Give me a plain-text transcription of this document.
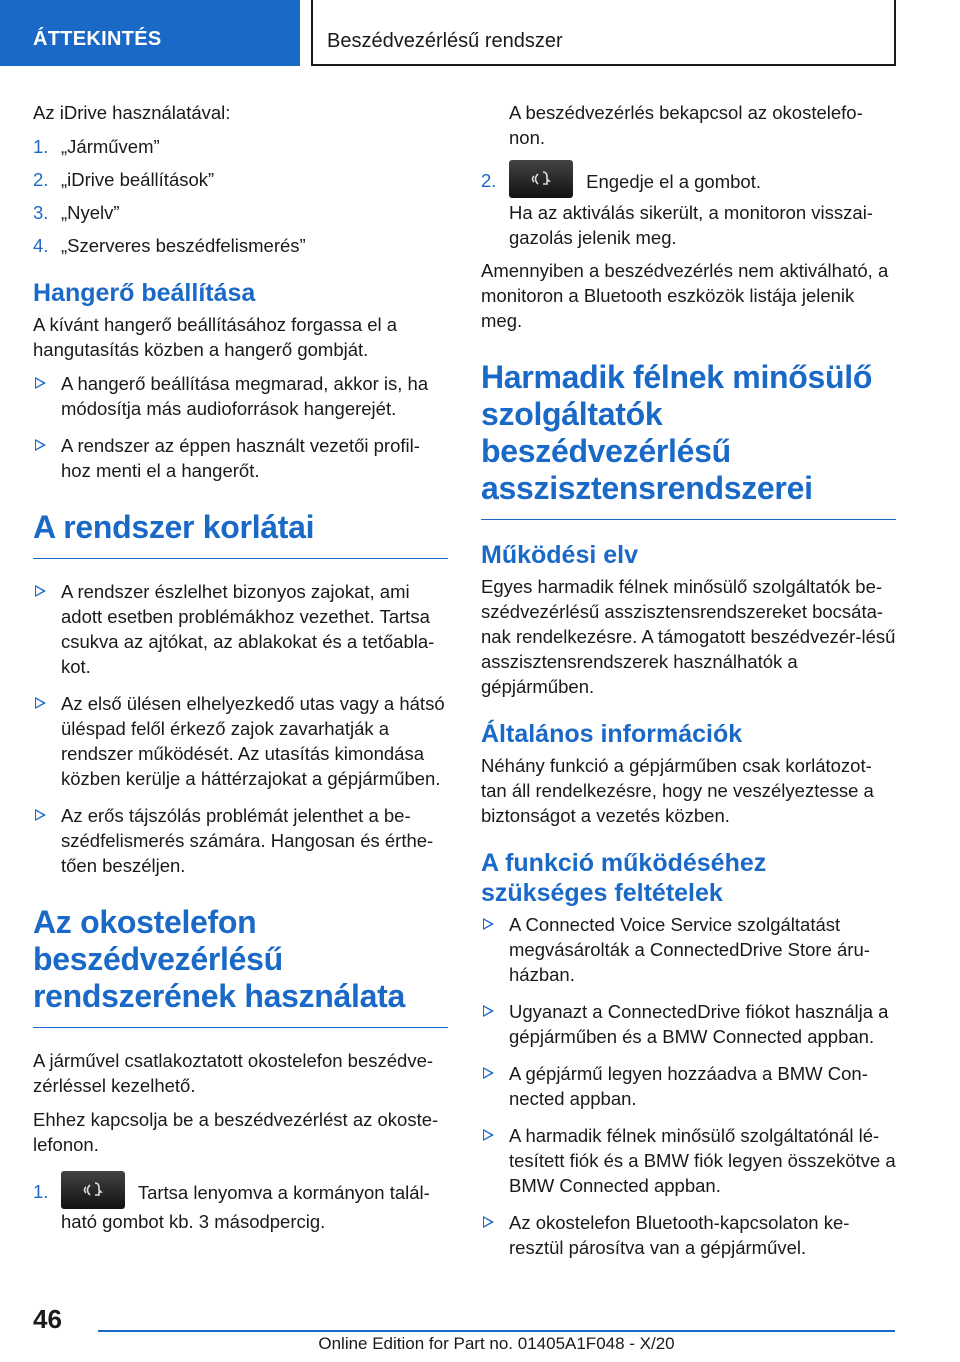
ÁTTEKINTÉS	Beszédvezérlésű rendszer
Az iDrive használatával:
1. „Járművem”
2. „iDrive beállítások”
3. „Nyelv”
4. „Szerveres beszédfelismerés”
Hangerő beállítása
A kívánt hangerő beállításához forgassa el a hangutasítás közben a hangerő gombját.
A hangerő beállítása megmarad, akkor is, ha módosítja más audioforrások hangerejét.
A rendszer az éppen használt vezetői profil-hoz menti el a hangerőt.
A rendszer korlátai
A rendszer észlelhet bizonyos zajokat, ami adott esetben problémákhoz vezethet. Tartsa csukva az ajtókat, az ablakokat és a tetőabla-kot.
Az első ülésen elhelyezkedő utas vagy a hátsó üléspad felől érkező zajok zavarhatják a rendszer működését. Az utasítás kimondása közben kerülje a háttérzajokat a gépjárműben.
Az erős tájszólás problémát jelenthet a be-szédfelismerés számára. Hangosan és érthe-tően beszéljen.
Az okostelefon beszédvezérlésű rendszerének használata
A járművel csatlakoztatott okostelefon beszédve-zérléssel kezelhető.
Ehhez kapcsolja be a beszédvezérlést az okoste-lefonon.
1.	Tartsa lenyomva a kormányon talál-ható gombot kb. 3 másodpercig.
A beszédvezérlés bekapcsol az okostelefo-non.
2.	Engedje el a gombot.
Ha az aktiválás sikerült, a monitoron visszai-gazolás jelenik meg.
Amennyiben a beszédvezérlés nem aktiválható, a monitoron a Bluetooth eszközök listája jelenik meg.
Harmadik félnek minősülő szolgáltatók beszédvezérlésű asszisztensrendszerei
Működési elv
Egyes harmadik félnek minősülő szolgáltatók be-szédvezérlésű asszisztensrendszereket bocsáta-nak rendelkezésre. A támogatott beszédvezér-lésű asszisztensrendszerek használhatók a gépjárműben.
Általános információk
Néhány funkció a gépjárműben csak korlátozot-tan áll rendelkezésre, hogy ne veszélyeztesse a biztonságot a vezetés közben.
A funkció működéséhez szükséges feltételek
A Connected Voice Service szolgáltatást megvásárolták a ConnectedDrive Store áru-házban.
Ugyanazt a ConnectedDrive fiókot használja a gépjárműben és a BMW Connected appban.
A gépjármű legyen hozzáadva a BMW Con-nected appban.
A harmadik félnek minősülő szolgáltatónál lé-tesített fiók és a BMW fiók legyen összekötve a BMW Connected appban.
Az okostelefon Bluetooth-kapcsolaton ke-resztül párosítva van a gépjárművel.
46
Online Edition for Part no. 01405A1F048 - X/20
